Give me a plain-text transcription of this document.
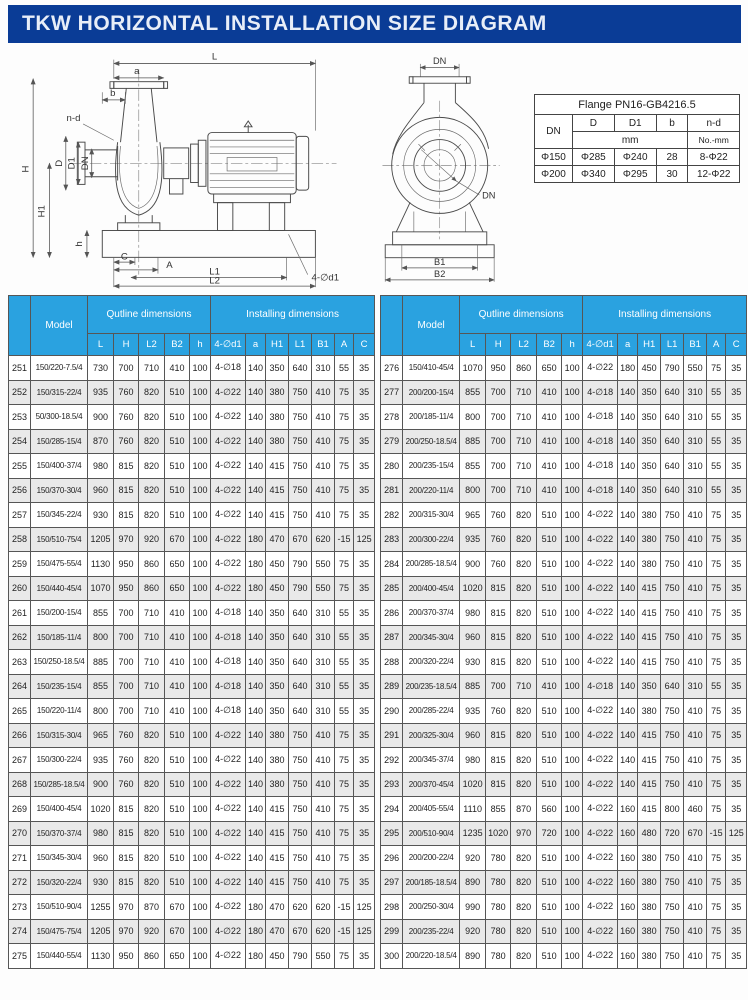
TKW HORIZONTAL INSTALLATION SIZE DIAGRAM
L
a
b
n-d
H
H1
D D1 DN
h
C
A
L1
L2	4-∅d1
DN
DN
B1
B2
Flange PN16-GB4216.5				
DN	D	D1	b	n-d
	mm			No.-mm
Φ150	Φ285	Φ240	28	8-Φ22
Φ200	Φ340	Φ295	30	12-Φ22
	Model	Qutline dimensions					Installing dimensions						
		L	H	L2	B2	h	4-∅d1	a	H1	L1	B1	A	C
251	150/220-7.5/4	730	700	710	410	100	4-∅18	140	350	640	310	55	35
252	150/315-22/4	935	760	820	510	100	4-∅22	140	380	750	410	75	35
253	50/300-18.5/4	900	760	820	510	100	4-∅22	140	380	750	410	75	35
254	150/285-15/4	870	760	820	510	100	4-∅22	140	380	750	410	75	35
255	150/400-37/4	980	815	820	510	100	4-∅22	140	415	750	410	75	35
256	150/370-30/4	960	815	820	510	100	4-∅22	140	415	750	410	75	35
257	150/345-22/4	930	815	820	510	100	4-∅22	140	415	750	410	75	35
258	150/510-75/4	1205	970	920	670	100	4-∅22	180	470	670	620	-15	125
259	150/475-55/4	1130	950	860	650	100	4-∅22	180	450	790	550	75	35
260	150/440-45/4	1070	950	860	650	100	4-∅22	180	450	790	550	75	35
261	150/200-15/4	855	700	710	410	100	4-∅18	140	350	640	310	55	35
262	150/185-11/4	800	700	710	410	100	4-∅18	140	350	640	310	55	35
263	150/250-18.5/4	885	700	710	410	100	4-∅18	140	350	640	310	55	35
264	150/235-15/4	855	700	710	410	100	4-∅18	140	350	640	310	55	35
265	150/220-11/4	800	700	710	410	100	4-∅18	140	350	640	310	55	35
266	150/315-30/4	965	760	820	510	100	4-∅22	140	380	750	410	75	35
267	150/300-22/4	935	760	820	510	100	4-∅22	140	380	750	410	75	35
268	150/285-18.5/4	900	760	820	510	100	4-∅22	140	380	750	410	75	35
269	150/400-45/4	1020	815	820	510	100	4-∅22	140	415	750	410	75	35
270	150/370-37/4	980	815	820	510	100	4-∅22	140	415	750	410	75	35
271	150/345-30/4	960	815	820	510	100	4-∅22	140	415	750	410	75	35
272	150/320-22/4	930	815	820	510	100	4-∅22	140	415	750	410	75	35
273	150/510-90/4	1255	970	870	670	100	4-∅22	180	470	620	620	-15	125
274	150/475-75/4	1205	970	920	670	100	4-∅22	180	470	670	620	-15	125
275	150/440-55/4	1130	950	860	650	100	4-∅22	180	450	790	550	75	35
	Model	Qutline dimensions					Installing dimensions						
		L	H	L2	B2	h	4-∅d1	a	H1	L1	B1	A	C
276	150/410-45/4	1070	950	860	650	100	4-∅22	180	450	790	550	75	35
277	200/200-15/4	855	700	710	410	100	4-∅18	140	350	640	310	55	35
278	200/185-11/4	800	700	710	410	100	4-∅18	140	350	640	310	55	35
279	200/250-18.5/4	885	700	710	410	100	4-∅18	140	350	640	310	55	35
280	200/235-15/4	855	700	710	410	100	4-∅18	140	350	640	310	55	35
281	200/220-11/4	800	700	710	410	100	4-∅18	140	350	640	310	55	35
282	200/315-30/4	965	760	820	510	100	4-∅22	140	380	750	410	75	35
283	200/300-22/4	935	760	820	510	100	4-∅22	140	380	750	410	75	35
284	200/285-18.5/4	900	760	820	510	100	4-∅22	140	380	750	410	75	35
285	200/400-45/4	1020	815	820	510	100	4-∅22	140	415	750	410	75	35
286	200/370-37/4	980	815	820	510	100	4-∅22	140	415	750	410	75	35
287	200/345-30/4	960	815	820	510	100	4-∅22	140	415	750	410	75	35
288	200/320-22/4	930	815	820	510	100	4-∅22	140	415	750	410	75	35
289	200/235-18.5/4	885	700	710	410	100	4-∅18	140	350	640	310	55	35
290	200/285-22/4	935	760	820	510	100	4-∅22	140	380	750	410	75	35
291	200/325-30/4	960	815	820	510	100	4-∅22	140	415	750	410	75	35
292	200/345-37/4	980	815	820	510	100	4-∅22	140	415	750	410	75	35
293	200/370-45/4	1020	815	820	510	100	4-∅22	140	415	750	410	75	35
294	200/405-55/4	1110	855	870	560	100	4-∅22	160	415	800	460	75	35
295	200/510-90/4	1235	1020	970	720	100	4-∅22	160	480	720	670	-15	125
296	200/200-22/4	920	780	820	510	100	4-∅22	160	380	750	410	75	35
297	200/185-18.5/4	890	780	820	510	100	4-∅22	160	380	750	410	75	35
298	200/250-30/4	990	780	820	510	100	4-∅22	160	380	750	410	75	35
299	200/235-22/4	920	780	820	510	100	4-∅22	160	380	750	410	75	35
300	200/220-18.5/4	890	780	820	510	100	4-∅22	160	380	750	410	75	35
